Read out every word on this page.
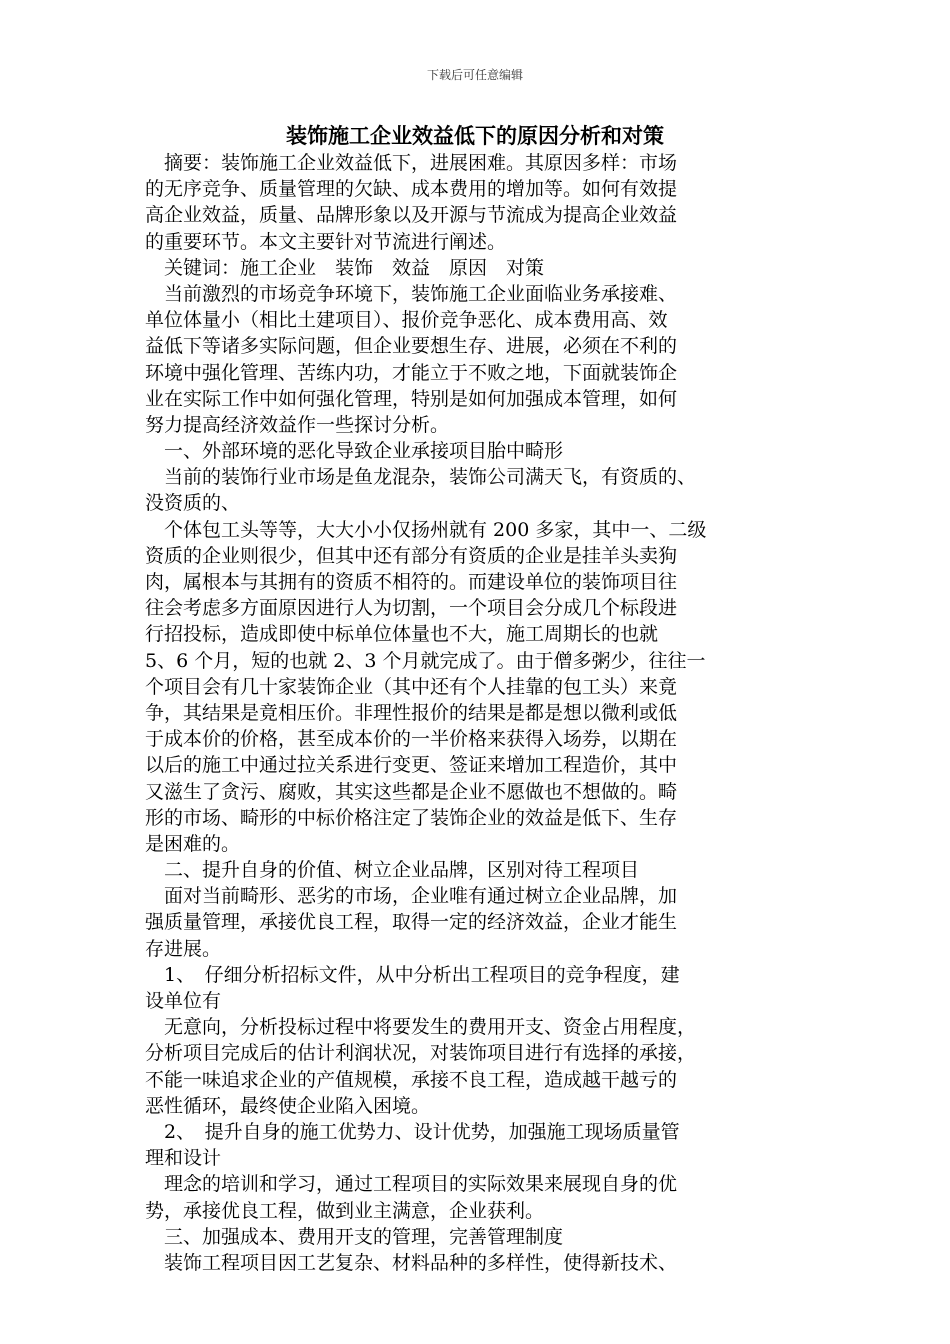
下载后可任意编辑
装饰施工企业效益低下的原因分析和对策
　摘要：装饰施工企业效益低下，进展困难。其原因多样：市场
的无序竞争、质量管理的欠缺、成本费用的增加等。如何有效提
高企业效益，质量、品牌形象以及开源与节流成为提高企业效益
的重要环节。本文主要针对节流进行阐述。
　关键词：施工企业　装饰　效益　原因　对策
　当前激烈的市场竞争环境下，装饰施工企业面临业务承接难、
单位体量小（相比土建项目）、报价竞争恶化、成本费用高、效
益低下等诸多实际问题，但企业要想生存、进展，必须在不利的
环境中强化管理、苦练内功，才能立于不败之地，下面就装饰企
业在实际工作中如何强化管理，特别是如何加强成本管理，如何
努力提高经济效益作一些探讨分析。
　一、外部环境的恶化导致企业承接项目胎中畸形
　当前的装饰行业市场是鱼龙混杂，装饰公司满天飞，有资质的、
没资质的、
　个体包工头等等，大大小小仅扬州就有 200 多家，其中一、二级
资质的企业则很少，但其中还有部分有资质的企业是挂羊头卖狗
肉，属根本与其拥有的资质不相符的。而建设单位的装饰项目往
往会考虑多方面原因进行人为切割，一个项目会分成几个标段进
行招投标，造成即使中标单位体量也不大，施工周期长的也就
5、6 个月，短的也就 2、3 个月就完成了。由于僧多粥少，往往一
个项目会有几十家装饰企业（其中还有个人挂靠的包工头）来竟
争，其结果是竟相压价。非理性报价的结果是都是想以微利或低
于成本价的价格，甚至成本价的一半价格来获得入场券，以期在
以后的施工中通过拉关系进行变更、签证来增加工程造价，其中
又滋生了贪污、腐败，其实这些都是企业不愿做也不想做的。畸
形的市场、畸形的中标价格注定了装饰企业的效益是低下、生存
是困难的。
　二、提升自身的价值、树立企业品牌，区别对待工程项目
　面对当前畸形、恶劣的市场，企业唯有通过树立企业品牌，加
强质量管理，承接优良工程，取得一定的经济效益，企业才能生
存进展。
　1、　仔细分析招标文件，从中分析出工程项目的竞争程度，建
设单位有
　无意向，分析投标过程中将要发生的费用开支、资金占用程度，
分析项目完成后的估计利润状况，对装饰项目进行有选择的承接，
不能一味追求企业的产值规模，承接不良工程，造成越干越亏的
恶性循环，最终使企业陷入困境。
　2、　提升自身的施工优势力、设计优势，加强施工现场质量管
理和设计
　理念的培训和学习，通过工程项目的实际效果来展现自身的优
势，承接优良工程，做到业主满意，企业获利。
　三、加强成本、费用开支的管理，完善管理制度
　装饰工程项目因工艺复杂、材料品种的多样性，使得新技术、
